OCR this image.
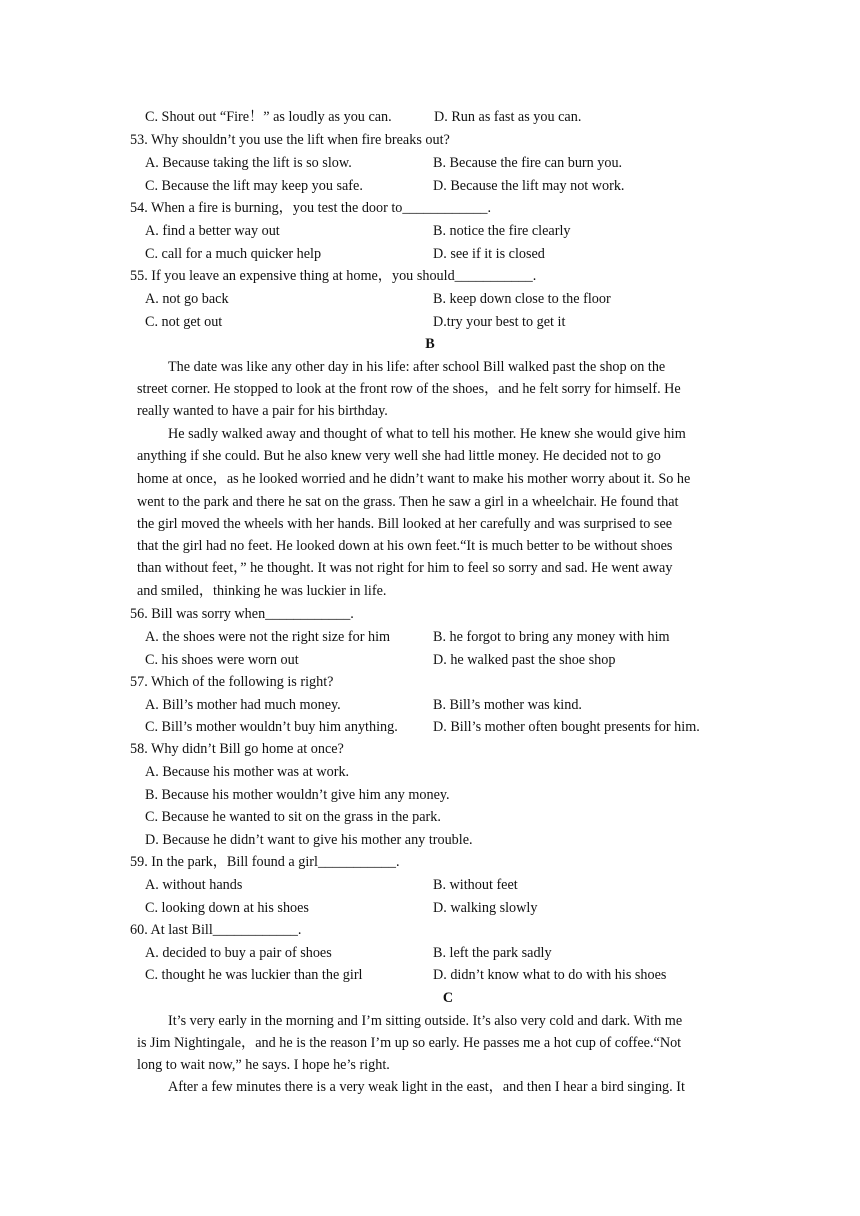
C. Shout out “Fire！” as loudly as you can.	D. Run as fast as you can.
53. Why shouldn’t you use the lift when fire breaks out?
A. Because taking the lift is so slow.	B. Because the fire can burn you.
C. Because the lift may keep you safe.	D. Because the lift may not work.
54. When a fire is burning，you test the door to____________.
A. find a better way out	B. notice the fire clearly
C. call for a much quicker help	D. see if it is closed
55. If you leave an expensive thing at home，you should___________.
A. not go back	B. keep down close to the floor
C. not get out	D.try your best to get it
B
The date was like any other day in his life: after school Bill walked past the shop on the
street corner. He stopped to look at the front row of the shoes，and he felt sorry for himself. He
really wanted to have a pair for his birthday.
He sadly walked away and thought of what to tell his mother. He knew she would give him
anything if she could. But he also knew very well she had little money. He decided not to go
home at once，as he looked worried and he didn’t want to make his mother worry about it. So he
went to the park and there he sat on the grass. Then he saw a girl in a wheelchair. He found that
the girl moved the wheels with her hands. Bill looked at her carefully and was surprised to see
that the girl had no feet. He looked down at his own feet.“It is much better to be without shoes
than without feet，” he thought. It was not right for him to feel so sorry and sad. He went away
and smiled，thinking he was luckier in life.
56. Bill was sorry when____________.
A. the shoes were not the right size for him	B. he forgot to bring any money with him
C. his shoes were worn out	D. he walked past the shoe shop
57. Which of the following is right?
A. Bill’s mother had much money.	B. Bill’s mother was kind.
C. Bill’s mother wouldn’t buy him anything. D. Bill’s mother often bought presents for him.
58. Why didn’t Bill go home at once?
A. Because his mother was at work.
B. Because his mother wouldn’t give him any money.
C. Because he wanted to sit on the grass in the park.
D. Because he didn’t want to give his mother any trouble.
59. In the park，Bill found a girl___________.
A. without hands	B. without feet
C. looking down at his shoes	D. walking slowly
60. At last Bill____________.
A. decided to buy a pair of shoes	B. left the park sadly
C. thought he was luckier than the girl	D. didn’t know what to do with his shoes
C
It’s very early in the morning and I’m sitting outside. It’s also very cold and dark. With me
is Jim Nightingale，and he is the reason I’m up so early. He passes me a hot cup of coffee.“Not
long to wait now,” he says. I hope he’s right.
After a few minutes there is a very weak light in the east，and then I hear a bird singing. It
